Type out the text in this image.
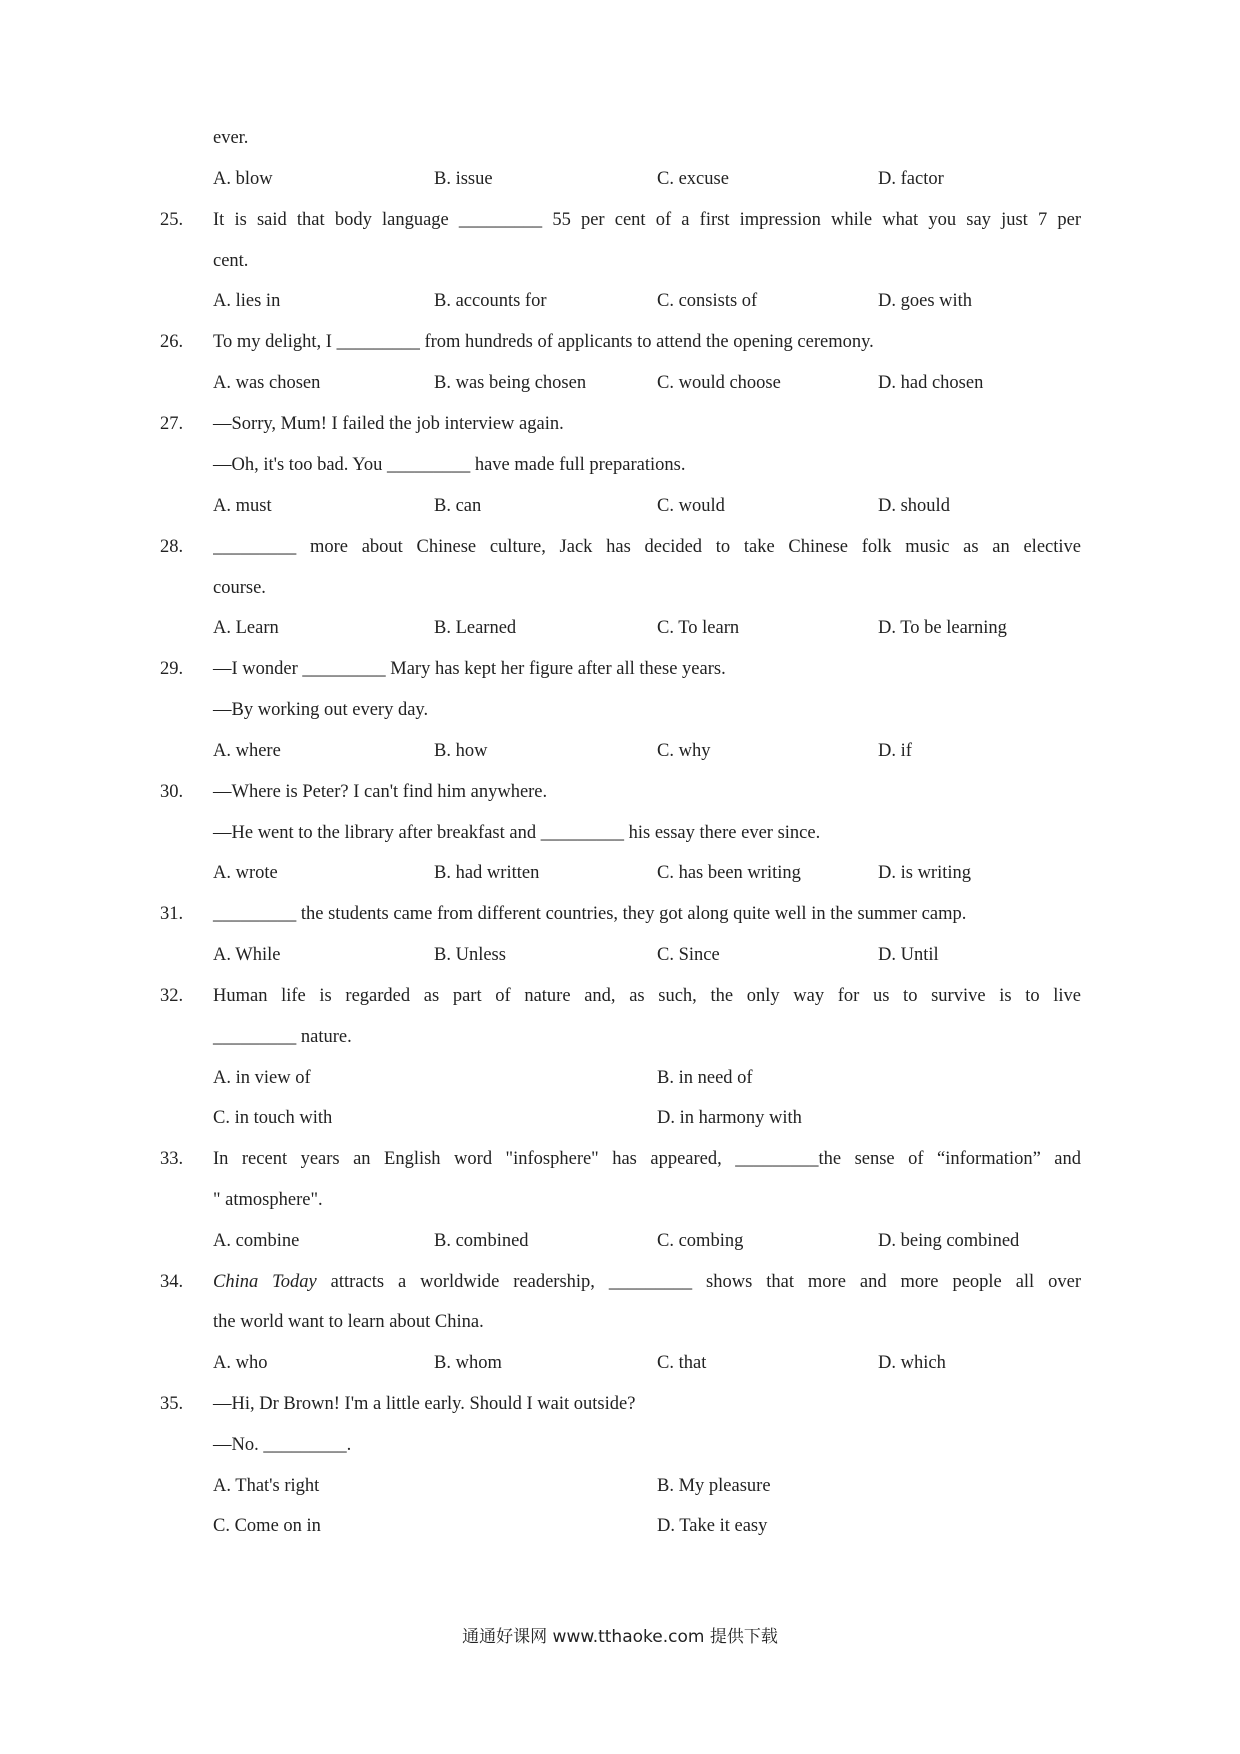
ever.
A. blow	B. issue	C. excuse	D. factor
25. It is said that body language _________ 55 per cent of a first impression while what you say just 7 per
cent.
A. lies in	B. accounts for	C. consists of	D. goes with
26. To my delight, I _________ from hundreds of applicants to attend the opening ceremony.
A. was chosen	B. was being chosen	C. would choose	D. had chosen
27. —Sorry, Mum! I failed the job interview again.
—Oh, it's too bad. You _________ have made full preparations.
A. must	B. can	C. would	D. should
28. _________ more about Chinese culture, Jack has decided to take Chinese folk music as an elective
course.
A. Learn	B. Learned	C. To learn	D. To be learning
29. —I wonder _________ Mary has kept her figure after all these years.
—By working out every day.
A. where	B. how	C. why	D. if
30. —Where is Peter? I can't find him anywhere.
—He went to the library after breakfast and _________ his essay there ever since.
A. wrote	B. had written	C. has been writing	D. is writing
31. _________ the students came from different countries, they got along quite well in the summer camp.
A. While	B. Unless	C. Since	D. Until
32. Human life is regarded as part of nature and, as such, the only way for us to survive is to live
_________ nature.
A. in view of	B. in need of
C. in touch with	D. in harmony with
33. In recent years an English word "infosphere" has appeared, _________the sense of “information” and
" atmosphere".
A. combine	B. combined	C. combing	D. being combined
34. China Today attracts a worldwide readership, _________ shows that more and more people all over
the world want to learn about China.
A. who	B. whom	C. that	D. which
35. —Hi, Dr Brown! I'm a little early. Should I wait outside?
—No. _________.
A. That's right	B. My pleasure
C. Come on in	D. Take it easy
通通好课网 www.tthaoke.com 提供下载
